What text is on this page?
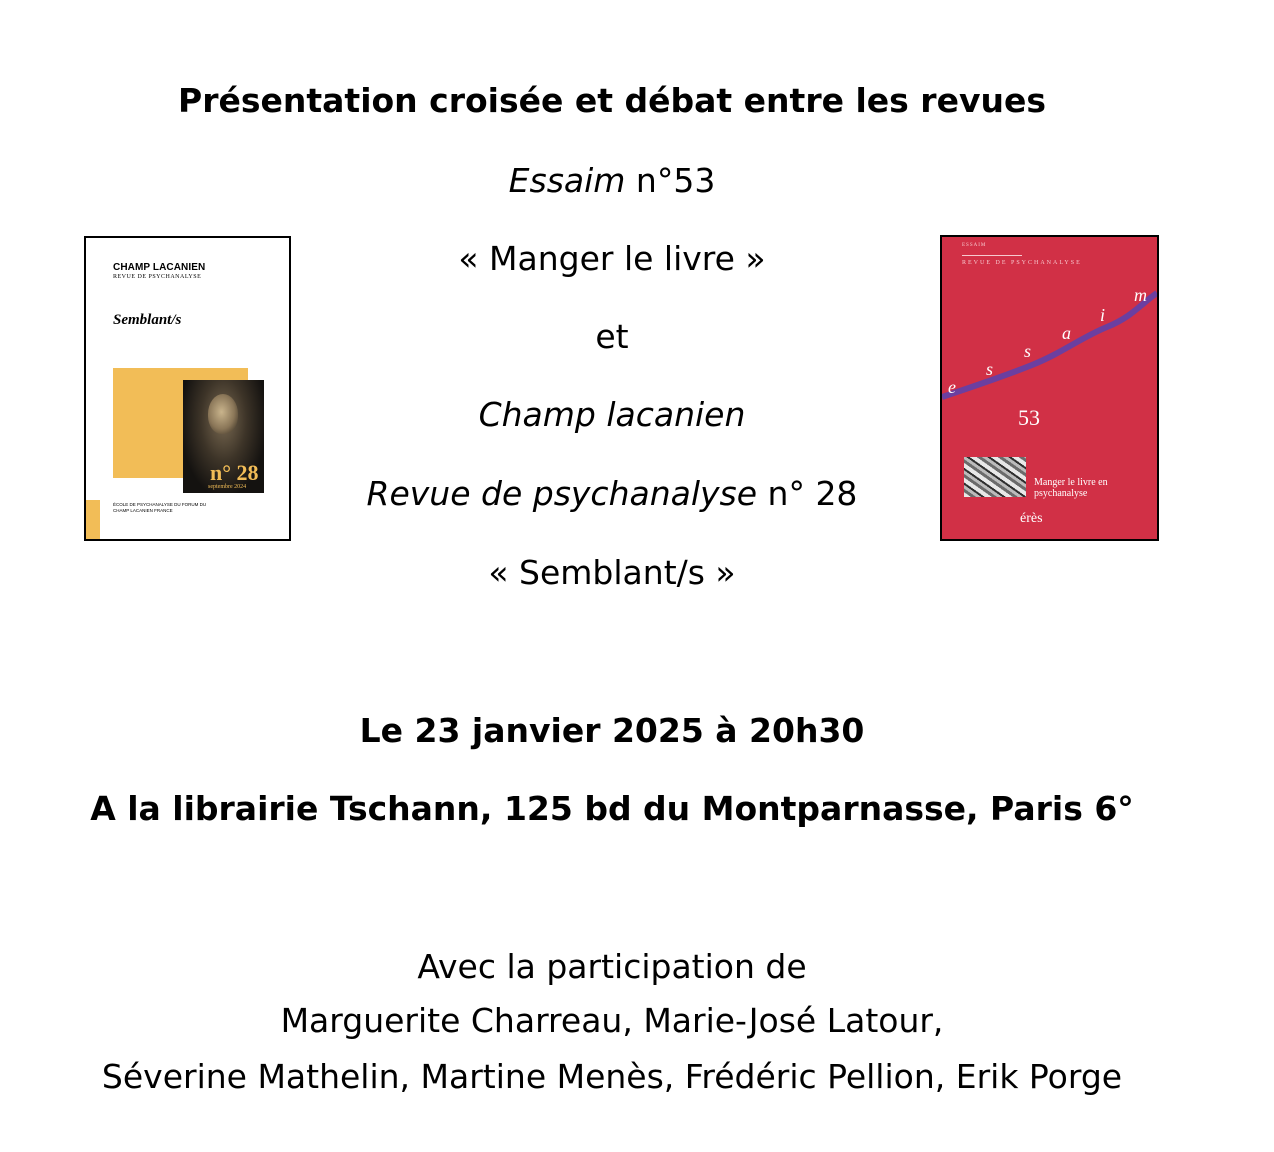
Présentation croisée et débat entre les revues
Essaim n°53
« Manger le livre »
et
Champ lacanien
Revue de psychanalyse n° 28
« Semblant/s »
Le 23 janvier 2025 à 20h30
A la librairie Tschann, 125 bd du Montparnasse, Paris 6°
Avec la participation de
Marguerite Charreau, Marie-José Latour,
Séverine Mathelin, Martine Menès, Frédéric Pellion, Erik Porge
CHAMP LACANIEN
REVUE DE PSYCHANALYSE
Semblant/s
n° 28
septembre 2024
ÉCOLE DE PSYCHANALYSE DU FORUM DU CHAMP LACANIEN FRANCE
ESSAIM
REVUE DE PSYCHANALYSE
e
s
s
a
i
m
53
Manger le livre en psychanalyse
érès
